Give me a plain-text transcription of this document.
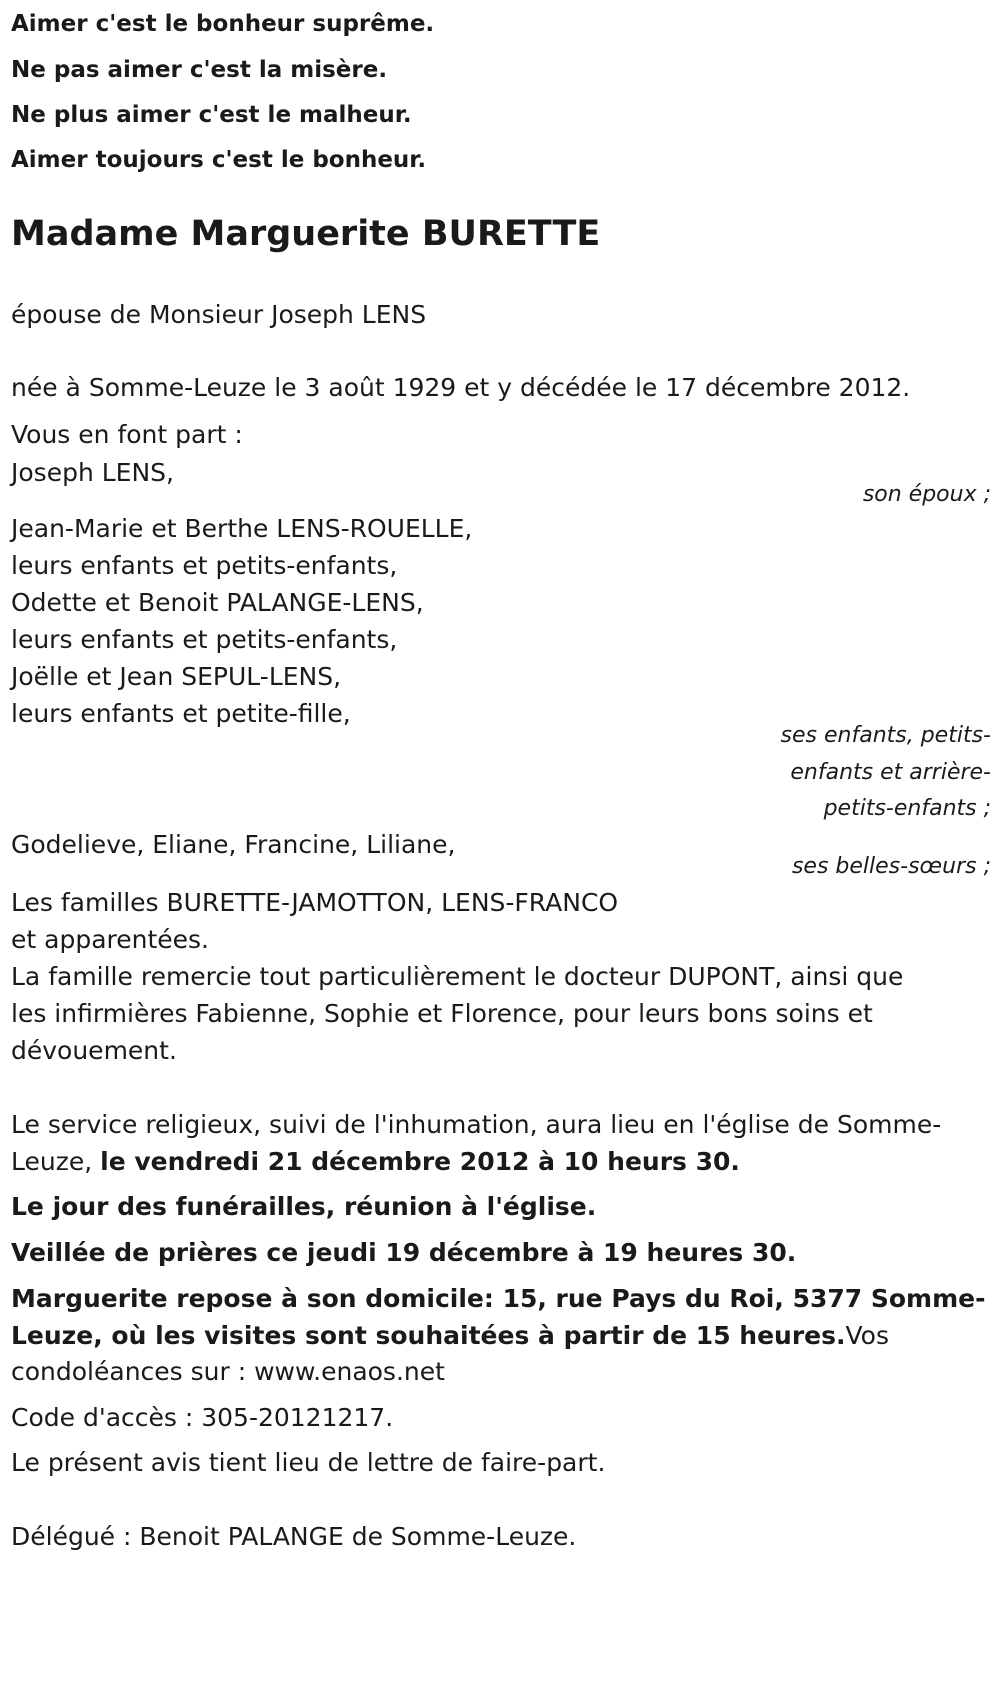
Aimer c'est le bonheur suprême.
Ne pas aimer c'est la misère.
Ne plus aimer c'est le malheur.
Aimer toujours c'est le bonheur.
Madame Marguerite BURETTE
épouse de Monsieur Joseph LENS
née à Somme-Leuze le 3 août 1929 et y décédée le 17 décembre 2012.
Vous en font part :
Joseph LENS,
son époux ;
Jean-Marie et Berthe LENS-ROUELLE,
leurs enfants et petits-enfants,
Odette et Benoit PALANGE-LENS,
leurs enfants et petits-enfants,
Joëlle et Jean SEPUL-LENS,
leurs enfants et petite-fille,
ses enfants, petits-
enfants et arrière-
petits-enfants ;
Godelieve, Eliane, Francine, Liliane,
ses belles-sœurs ;
Les familles BURETTE-JAMOTTON, LENS-FRANCO
et apparentées.
La famille remercie tout particulièrement le docteur DUPONT, ainsi que
les infirmières Fabienne, Sophie et Florence, pour leurs bons soins et
dévouement.
Le service religieux, suivi de l'inhumation, aura lieu en l'église de Somme-
Leuze, le vendredi 21 décembre 2012 à 10 heurs 30.
Le jour des funérailles, réunion à l'église.
Veillée de prières ce jeudi 19 décembre à 19 heures 30.
Marguerite repose à son domicile: 15, rue Pays du Roi, 5377 Somme-
Leuze, où les visites sont souhaitées à partir de 15 heures.Vos
condoléances sur : www.enaos.net
Code d'accès : 305-20121217.
Le présent avis tient lieu de lettre de faire-part.
Délégué : Benoit PALANGE de Somme-Leuze.
